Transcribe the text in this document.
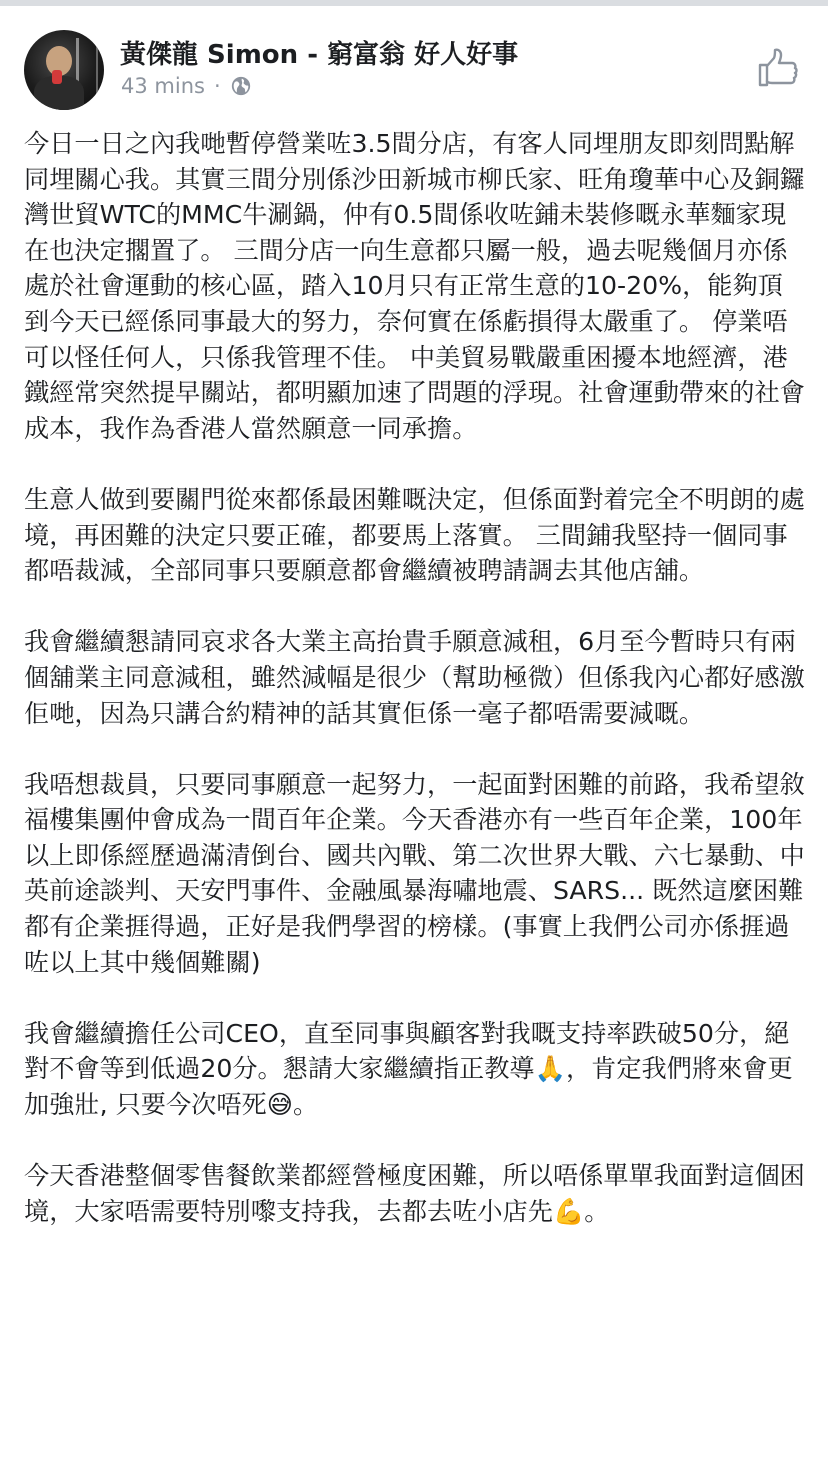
黃傑龍 Simon - 窮富翁 好人好事
43 mins ·

今日一日之內我哋暫停營業咗3.5間分店，有客人同埋朋友即刻問點解同埋關心我。其實三間分別係沙田新城市柳氏家、旺角瓊華中心及銅鑼灣世貿WTC的MMC牛涮鍋，仲有0.5間係收咗鋪未裝修嘅永華麵家現在也決定擱置了。 三間分店一向生意都只屬一般，過去呢幾個月亦係處於社會運動的核心區，踏入10月只有正常生意的10-20%，能夠頂到今天已經係同事最大的努力，奈何實在係虧損得太嚴重了。 停業唔可以怪任何人，只係我管理不佳。 中美貿易戰嚴重困擾本地經濟，港鐵經常突然提早關站，都明顯加速了問題的浮現。社會運動帶來的社會成本，我作為香港人當然願意一同承擔。

生意人做到要關門從來都係最困難嘅決定，但係面對着完全不明朗的處境，再困難的決定只要正確，都要馬上落實。 三間鋪我堅持一個同事都唔裁減，全部同事只要願意都會繼續被聘請調去其他店舖。

我會繼續懇請同哀求各大業主高抬貴手願意減租，6月至今暫時只有兩個舖業主同意減租，雖然減幅是很少（幫助極微）但係我內心都好感激佢哋，因為只講合約精神的話其實佢係一毫子都唔需要減嘅。

我唔想裁員，只要同事願意一起努力，一起面對困難的前路，我希望敘福樓集團仲會成為一間百年企業。今天香港亦有一些百年企業，100年以上即係經歷過滿清倒台、國共內戰、第二次世界大戰、六七暴動、中英前途談判、天安門事件、金融風暴海嘯地震、SARS... 既然這麼困難都有企業捱得過，正好是我們學習的榜樣。(事實上我們公司亦係捱過咗以上其中幾個難關)

我會繼續擔任公司CEO，直至同事與顧客對我嘅支持率跌破50分，絕對不會等到低過20分。懇請大家繼續指正教導🙏，肯定我們將來會更加強壯, 只要今次唔死😅。

今天香港整個零售餐飲業都經營極度困難，所以唔係單單我面對這個困境，大家唔需要特別嚟支持我，去都去咗小店先💪。
